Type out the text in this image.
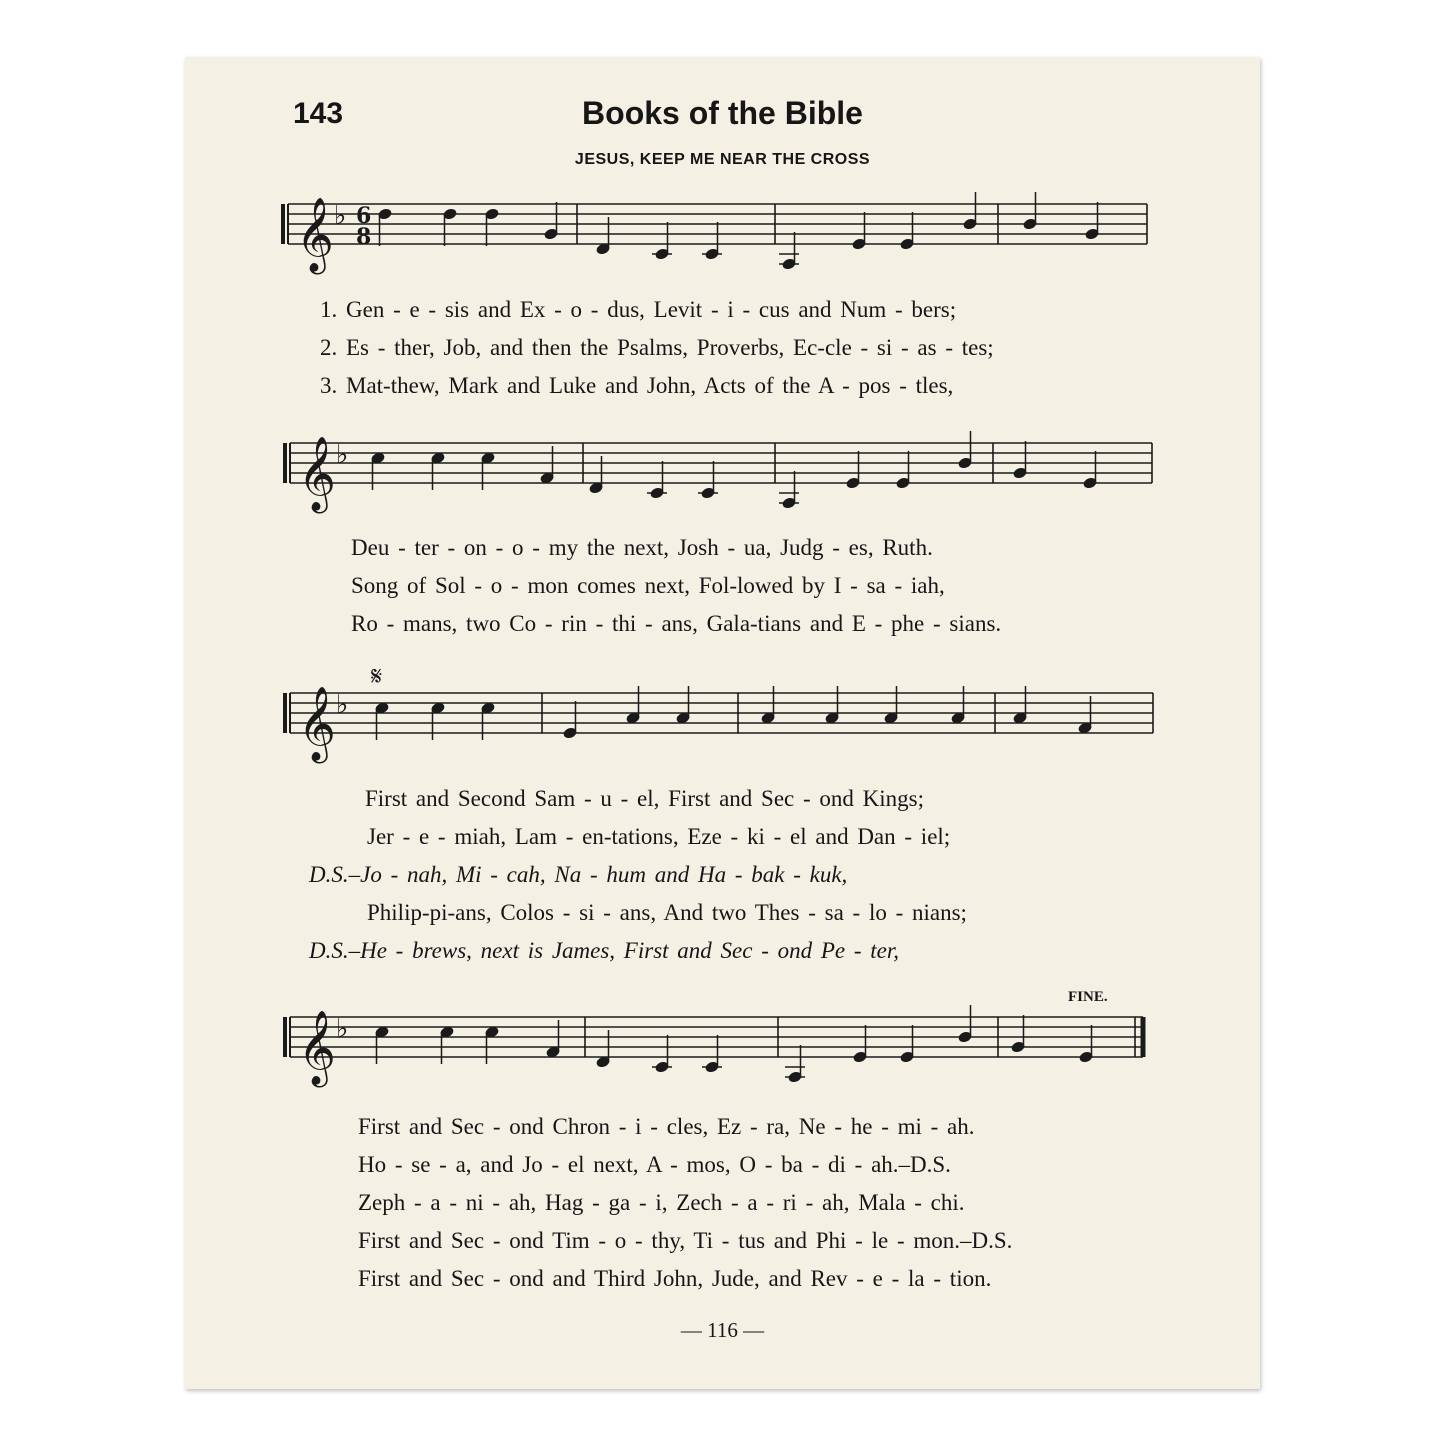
𝄞 ♭ 6
8
𝄞 ♭
𝄞 ♭
𝄋
𝄞 ♭
143	Books of the Bible
JESUS, KEEP ME NEAR THE CROSS
1. Gen - e - sis and Ex - o - dus, Levit - i - cus and Num - bers;
2. Es - ther, Job, and then the Psalms, Proverbs, Ec-cle - si - as - tes;
3. Mat-thew, Mark and Luke and John, Acts of the A - pos - tles,
Deu - ter - on - o - my the next, Josh - ua, Judg - es, Ruth.
Song of Sol - o - mon comes next, Fol-lowed by I - sa - iah,
Ro - mans, two Co - rin - thi - ans, Gala-tians and E - phe - sians.
First and Second Sam - u - el, First and Sec - ond Kings;
Jer - e - miah, Lam - en-tations, Eze - ki - el and Dan - iel;
D.S.–Jo - nah, Mi - cah, Na - hum and Ha - bak - kuk,
Philip-pi-ans, Colos - si - ans, And two Thes - sa - lo - nians;
D.S.–He - brews, next is James, First and Sec - ond Pe - ter,
FINE.
First and Sec - ond Chron - i - cles, Ez - ra, Ne - he - mi - ah.
Ho - se - a, and Jo - el next, A - mos, O - ba - di - ah.–D.S.
Zeph - a - ni - ah, Hag - ga - i, Zech - a - ri - ah, Mala - chi.
First and Sec - ond Tim - o - thy, Ti - tus and Phi - le - mon.–D.S.
First and Sec - ond and Third John, Jude, and Rev - e - la - tion.
— 116 —
